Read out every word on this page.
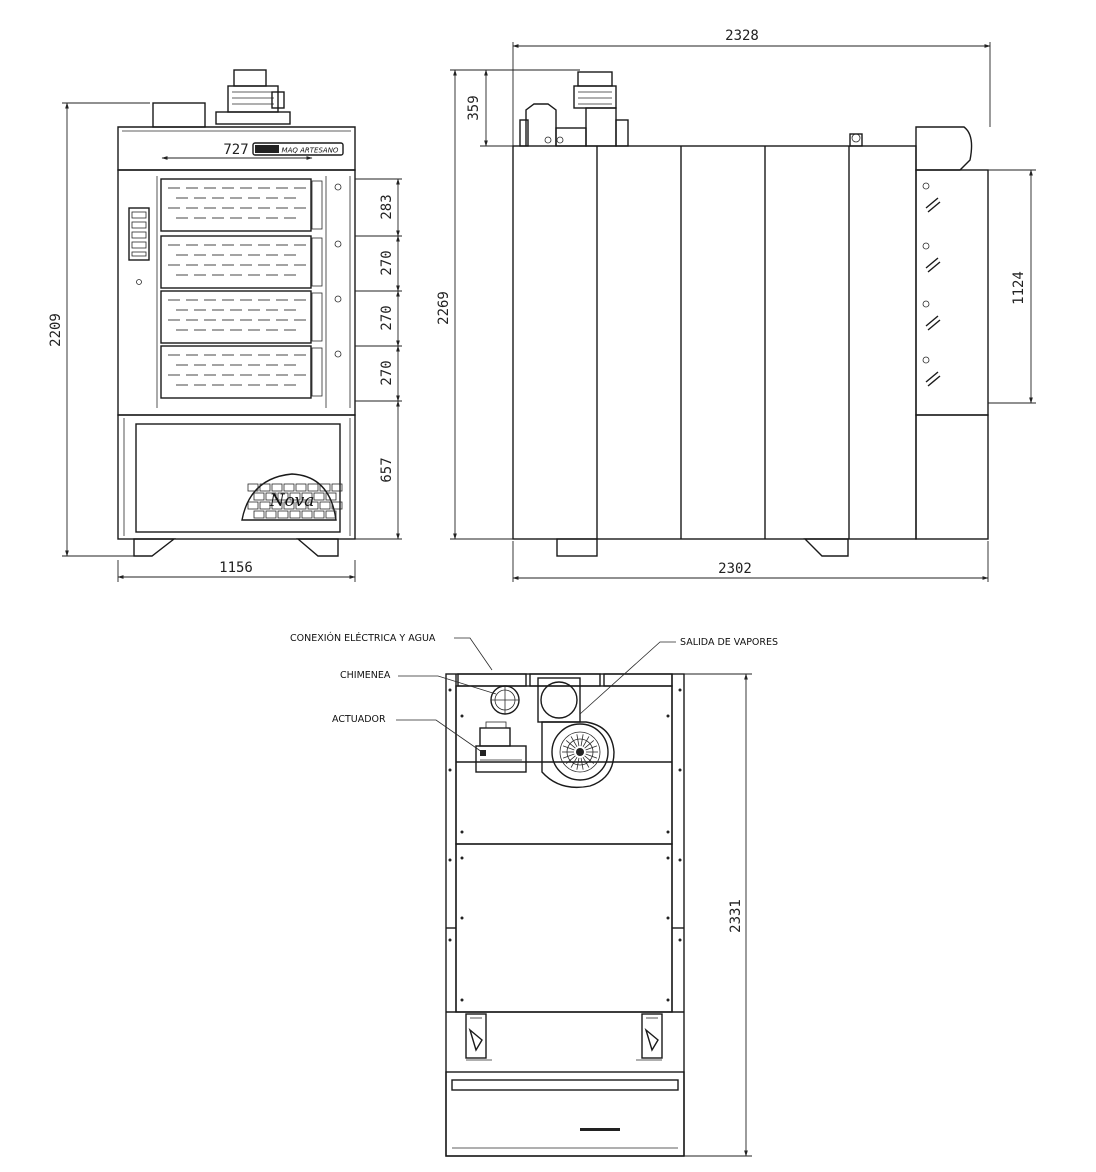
MAQ ARTESANO
Nova
727
2209
1156
283
270
270
270
657
2328
359
2269
1124
2302
CONEXIÓN ELÉCTRICA Y AGUA
CHIMENEA
ACTUADOR
SALIDA DE VAPORES
2331
